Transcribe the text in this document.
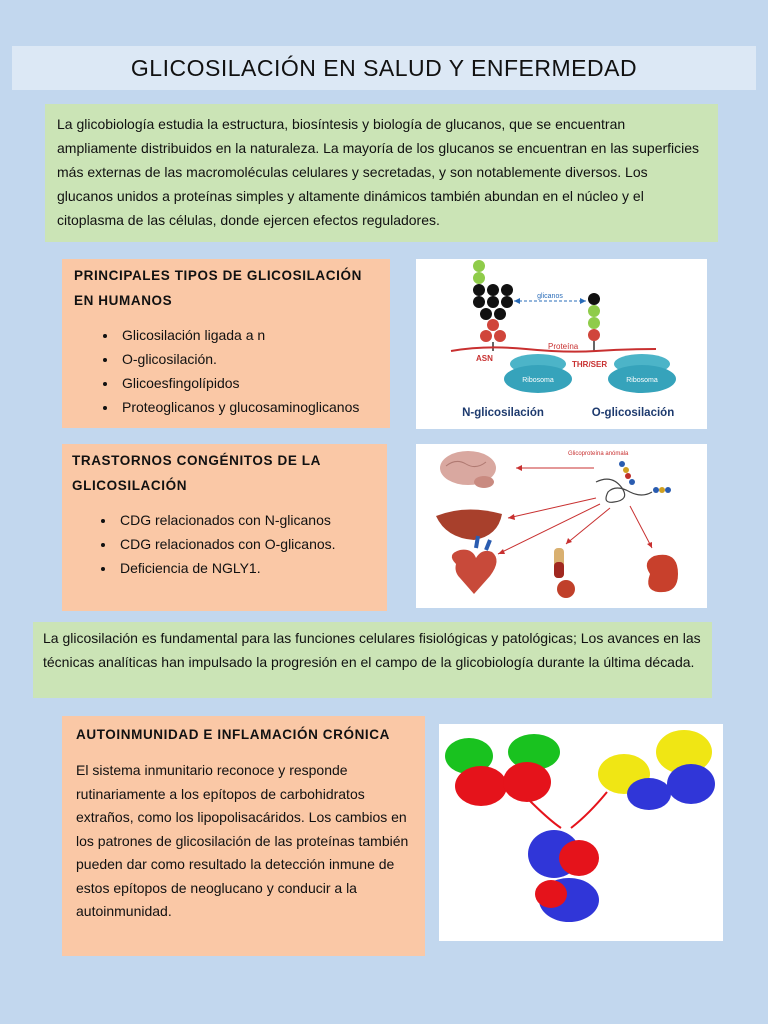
GLICOSILACIÓN EN SALUD Y ENFERMEDAD
La glicobiología estudia la estructura, biosíntesis y biología de glucanos, que se encuentran ampliamente distribuidos en la naturaleza. La mayoría de los glucanos se encuentran en las superficies más externas de las macromoléculas celulares y secretadas, y son notablemente diversos. Los glucanos unidos a proteínas simples y altamente dinámicos también abundan en el núcleo y el citoplasma de las células, donde ejercen efectos reguladores.
PRINCIPALES TIPOS DE GLICOSILACIÓN EN HUMANOS
• Glicosilación ligada a n
• O-glicosilación.
• Glicoesfingolípidos
• Proteoglicanos y glucosaminoglicanos
glicanos
Proteína
ASN
THR/SER
Ribosoma	Ribosoma
N-glicosilación	O-glicosilación
TRASTORNOS CONGÉNITOS DE LA GLICOSILACIÓN
• CDG relacionados con N-glicanos
• CDG relacionados con O-glicanos.
• Deficiencia de NGLY1.
Glicoproteína anómala
La glicosilación es fundamental para las funciones celulares fisiológicas y patológicas; Los avances en las técnicas analíticas han impulsado la progresión en el campo de la glicobiología durante la última década.
AUTOINMUNIDAD E INFLAMACIÓN CRÓNICA

El sistema inmunitario reconoce y responde rutinariamente a los epítopos de carbohidratos extraños, como los lipopolisacáridos. Los cambios en los patrones de glicosilación de las proteínas también pueden dar como resultado la detección inmune de estos epítopos de neoglucano y conducir a la autoinmunidad.
